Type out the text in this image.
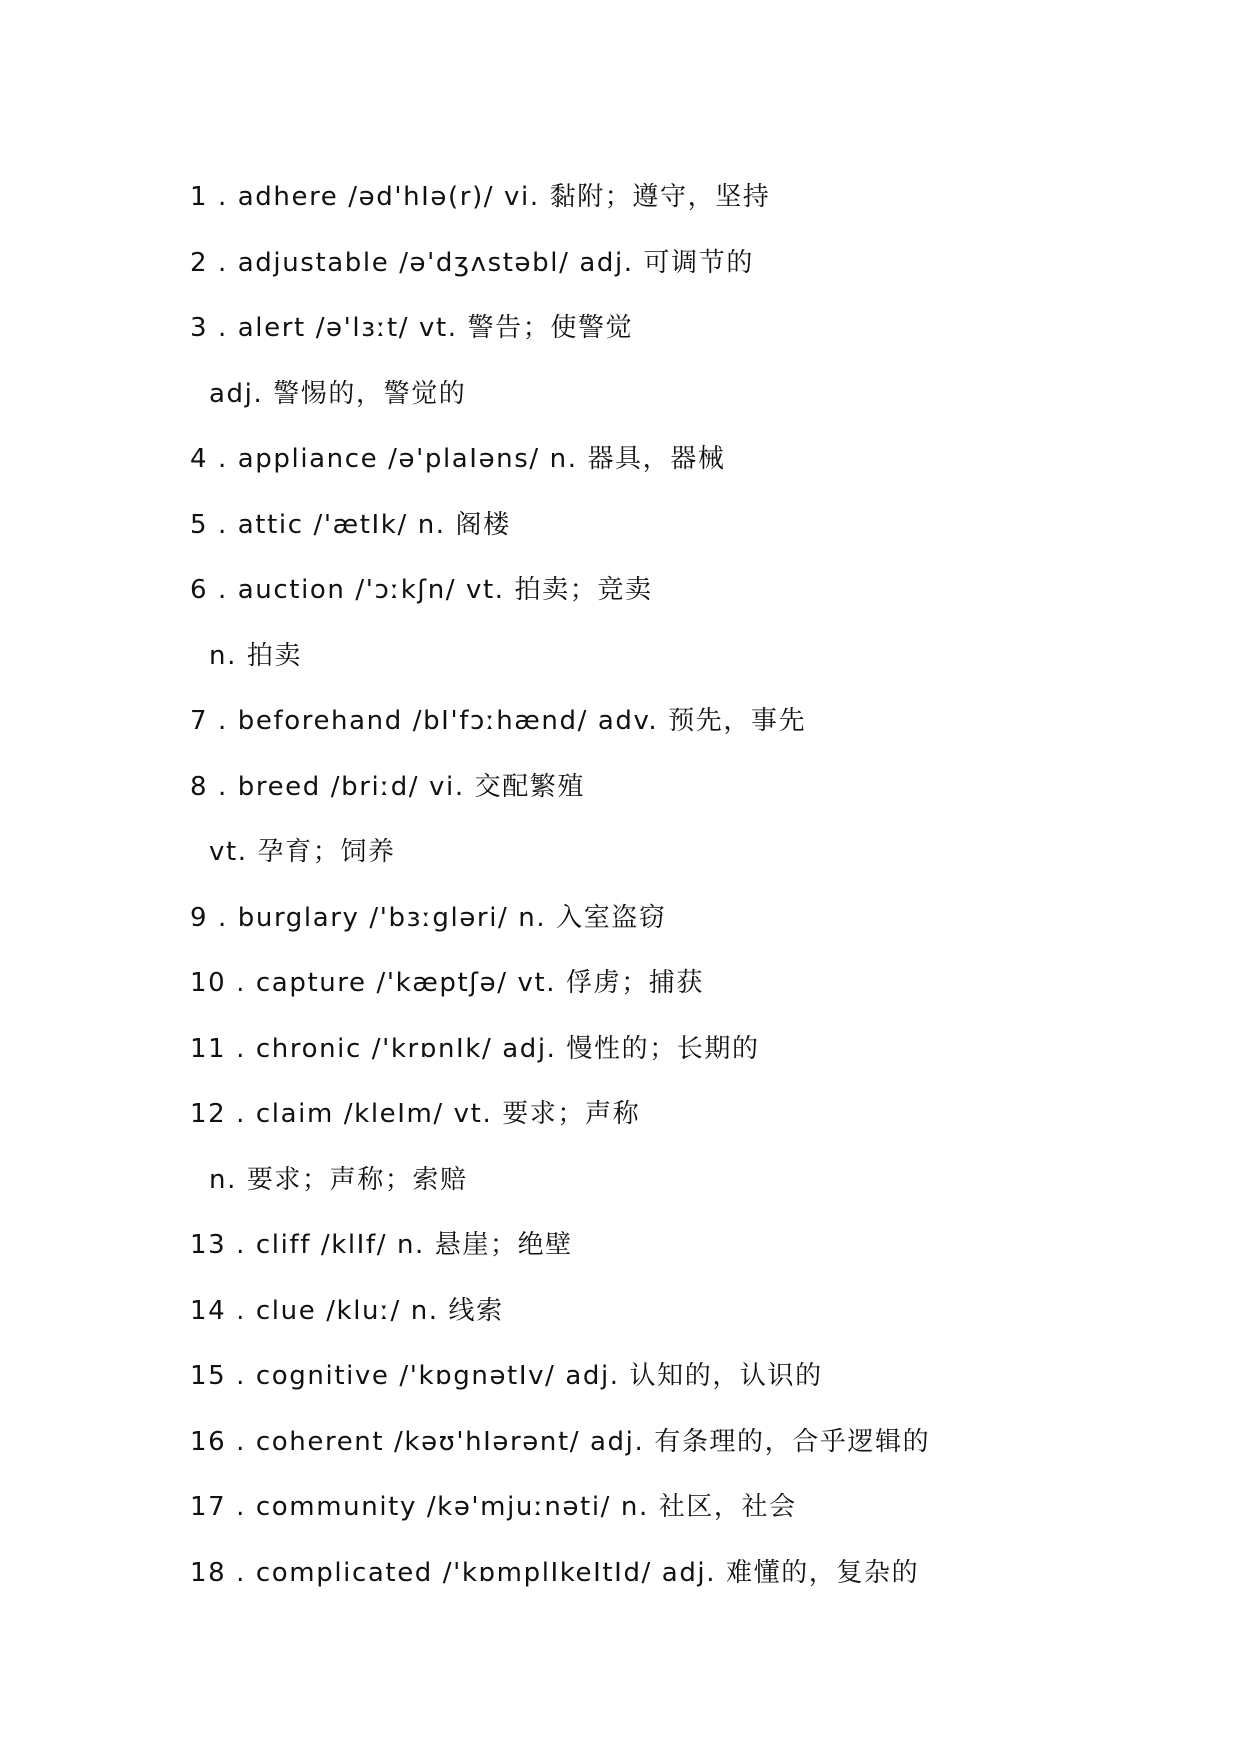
1 . adhere /əd'hIə(r)/ vi. 黏附；遵守，坚持
2 . adjustable /ə'dʒʌstəbl/ adj. 可调节的
3 . alert /ə'lɜːt/ vt. 警告；使警觉
adj. 警惕的，警觉的
4 . appliance /ə'plaIəns/ n. 器具，器械
5 . attic /'ætIk/ n. 阁楼
6 . auction /'ɔːkʃn/ vt. 拍卖；竞卖
n. 拍卖
7 . beforehand /bI'fɔːhænd/ adv. 预先，事先
8 . breed /briːd/ vi. 交配繁殖
vt. 孕育；饲养
9 . burglary /'bɜːgləri/ n. 入室盗窃
10 . capture /'kæptʃə/ vt. 俘虏；捕获
11 . chronic /'krɒnIk/ adj. 慢性的；长期的
12 . claim /kleIm/ vt. 要求；声称
n. 要求；声称；索赔
13 . cliff /klIf/ n. 悬崖；绝壁
14 . clue /kluː/ n. 线索
15 . cognitive /'kɒgnətIv/ adj. 认知的，认识的
16 . coherent /kəʊ'hIərənt/ adj. 有条理的，合乎逻辑的
17 . community /kə'mjuːnəti/ n. 社区，社会
18 . complicated /'kɒmplIkeItId/ adj. 难懂的，复杂的
